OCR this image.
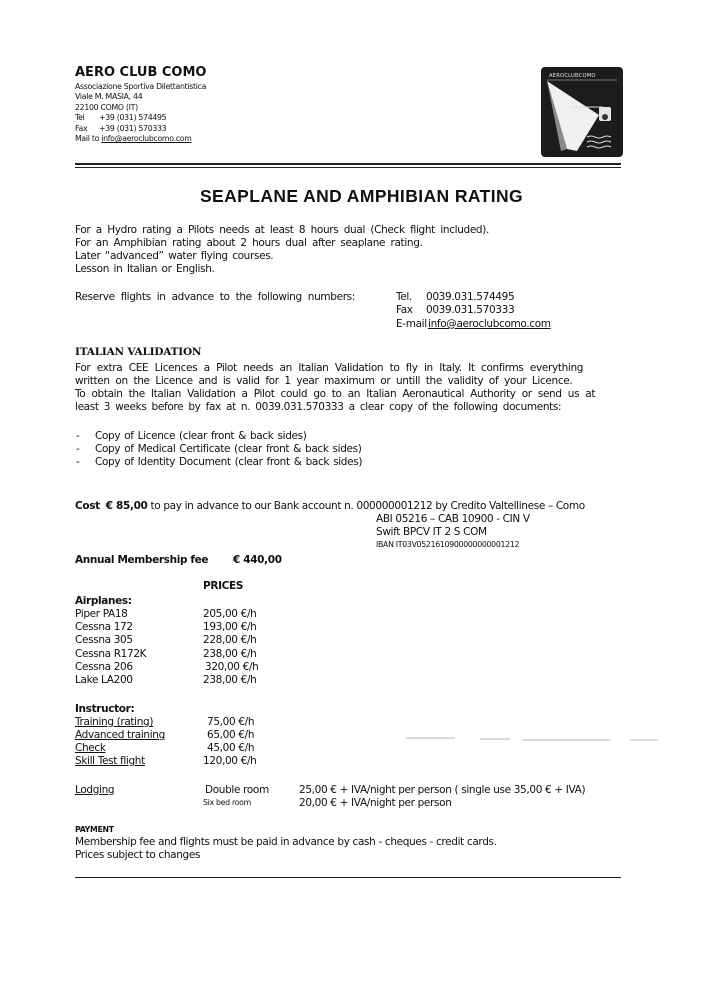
AERO CLUB COMO
Associazione Sportiva Dilettantistica
Viale M. MASIA, 44
22100 COMO (IT)
Tel +39 (031) 574495
Fax +39 (031) 570333
Mail to info@aeroclubcomo.com
AEROCLUBCOMO
SEAPLANE AND AMPHIBIAN RATING
For a Hydro rating a Pilots needs at least 8 hours dual (Check flight included).
For an Amphibian rating about 2 hours dual after seaplane rating.
Later “advanced” water flying courses.
Lesson in Italian or English.
Reserve flights in advance to the following numbers:	Tel. 0039.031.574495
Fax 0039.031.570333
E-mail info@aeroclubcomo.com
ITALIAN VALIDATION
For extra CEE Licences a Pilot needs an Italian Validation to fly in Italy. It confirms everything
written on the Licence and is valid for 1 year maximum or untill the validity of your Licence.
To obtain the Italian Validation a Pilot could go to an Italian Aeronautical Authority or send us at
least 3 weeks before by fax at n. 0039.031.570333 a clear copy of the following documents:
- Copy of Licence (clear front & back sides)
- Copy of Medical Certificate (clear front & back sides)
- Copy of Identity Document (clear front & back sides)
Cost € 85,00 to pay in advance to our Bank account n. 000000001212 by Credito Valtellinese – Como
ABI 05216 – CAB 10900 - CIN V
Swift BPCV IT 2 S COM
IBAN IT03V0521610900000000001212
Annual Membership fee € 440,00
PRICES
Airplanes:
Piper PA18	205,00 €/h
Cessna 172	193,00 €/h
Cessna 305	228,00 €/h
Cessna R172K	238,00 €/h
Cessna 206	320,00 €/h
Lake LA200	238,00 €/h
Instructor:
Training (rating)	75,00 €/h
Advanced training	65,00 €/h
Check	45,00 €/h
Skill Test flight	120,00 €/h
Lodging	Double room	25,00 € + IVA/night per person ( single use 35,00 € + IVA)
Six bed room	20,00 € + IVA/night per person
PAYMENT
Membership fee and flights must be paid in advance by cash - cheques - credit cards.
Prices subject to changes
